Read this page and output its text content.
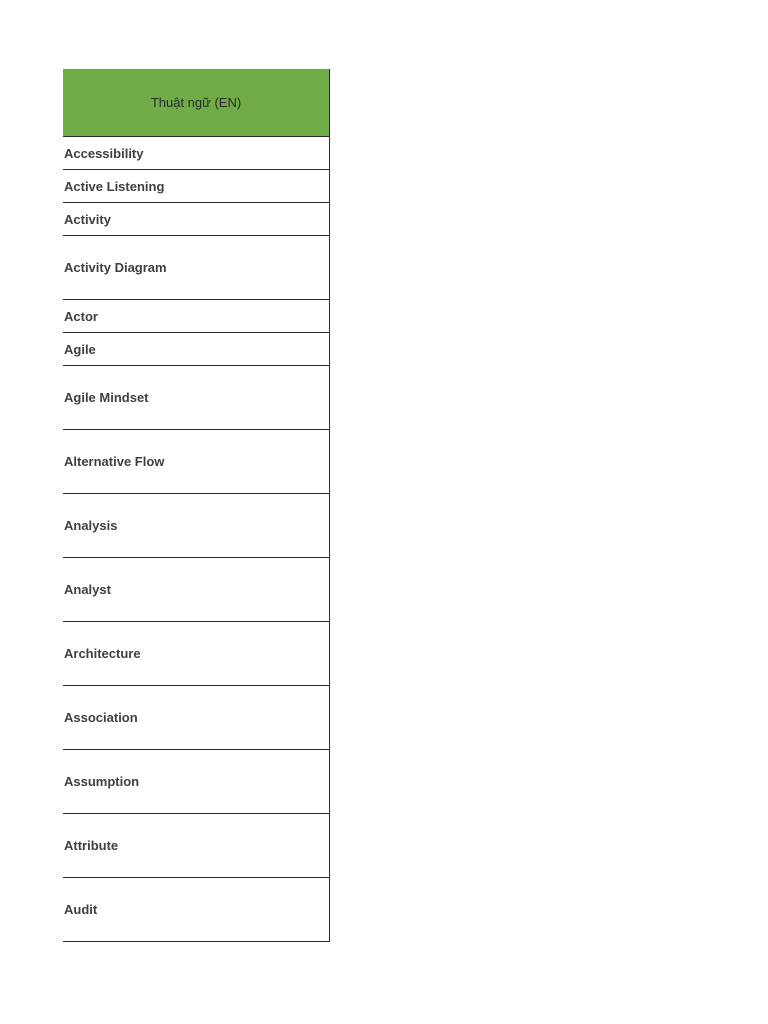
Thuật ngữ (EN)
Accessibility
Active Listening
Activity
Activity Diagram
Actor
Agile
Agile Mindset
Alternative Flow
Analysis
Analyst
Architecture
Association
Assumption
Attribute
Audit
